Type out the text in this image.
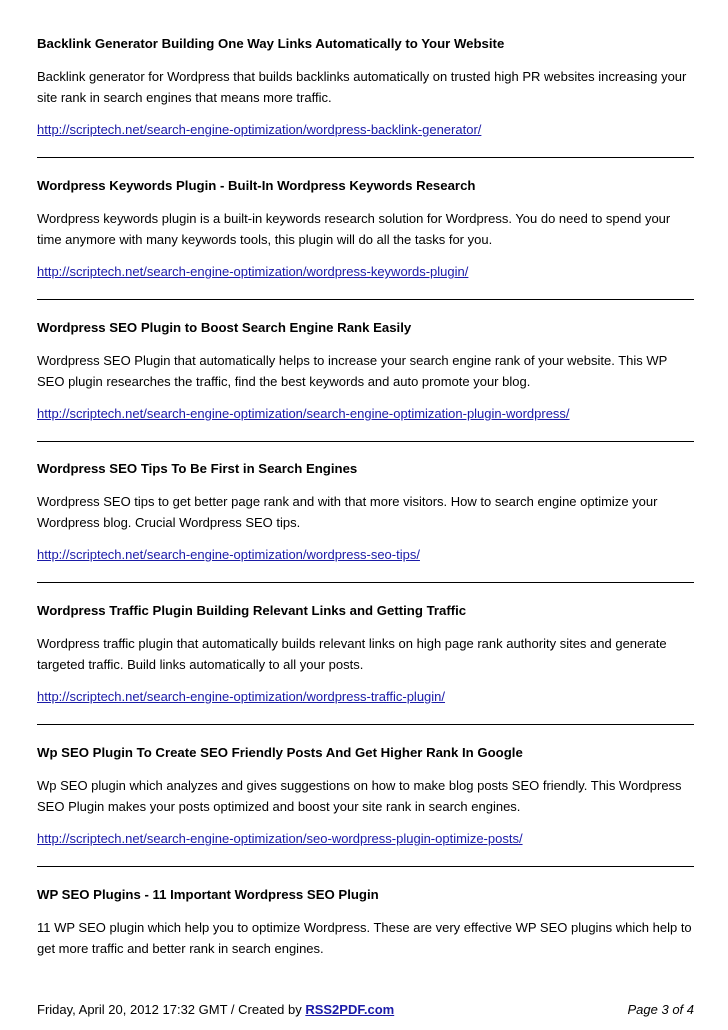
Backlink Generator Building One Way Links Automatically to Your Website
Backlink generator for Wordpress that builds backlinks automatically on trusted high PR websites increasing your site rank in search engines that means more traffic.
http://scriptech.net/search-engine-optimization/wordpress-backlink-generator/
Wordpress Keywords Plugin - Built-In Wordpress Keywords Research
Wordpress keywords plugin is a built-in keywords research solution for Wordpress. You do need to spend your time anymore with many keywords tools, this plugin will do all the tasks for you.
http://scriptech.net/search-engine-optimization/wordpress-keywords-plugin/
Wordpress SEO Plugin to Boost Search Engine Rank Easily
Wordpress SEO Plugin that automatically helps to increase your search engine rank of your website. This WP SEO plugin researches the traffic, find the best keywords and auto promote your blog.
http://scriptech.net/search-engine-optimization/search-engine-optimization-plugin-wordpress/
Wordpress SEO Tips To Be First in Search Engines
Wordpress SEO tips to get better page rank and with that more visitors. How to search engine optimize your Wordpress blog. Crucial Wordpress SEO tips.
http://scriptech.net/search-engine-optimization/wordpress-seo-tips/
Wordpress Traffic Plugin Building Relevant Links and Getting Traffic
Wordpress traffic plugin that automatically builds relevant links on high page rank authority sites and generate targeted traffic. Build links automatically to all your posts.
http://scriptech.net/search-engine-optimization/wordpress-traffic-plugin/
Wp SEO Plugin To Create SEO Friendly Posts And Get Higher Rank In Google
Wp SEO plugin which analyzes and gives suggestions on how to make blog posts SEO friendly. This Wordpress SEO Plugin makes your posts optimized and boost your site rank in search engines.
http://scriptech.net/search-engine-optimization/seo-wordpress-plugin-optimize-posts/
WP SEO Plugins - 11 Important Wordpress SEO Plugin
11 WP SEO plugin which help you to optimize Wordpress. These are very effective WP SEO plugins which help to get more traffic and better rank in search engines.
Friday, April 20, 2012 17:32 GMT / Created by RSS2PDF.com	Page 3 of 4
